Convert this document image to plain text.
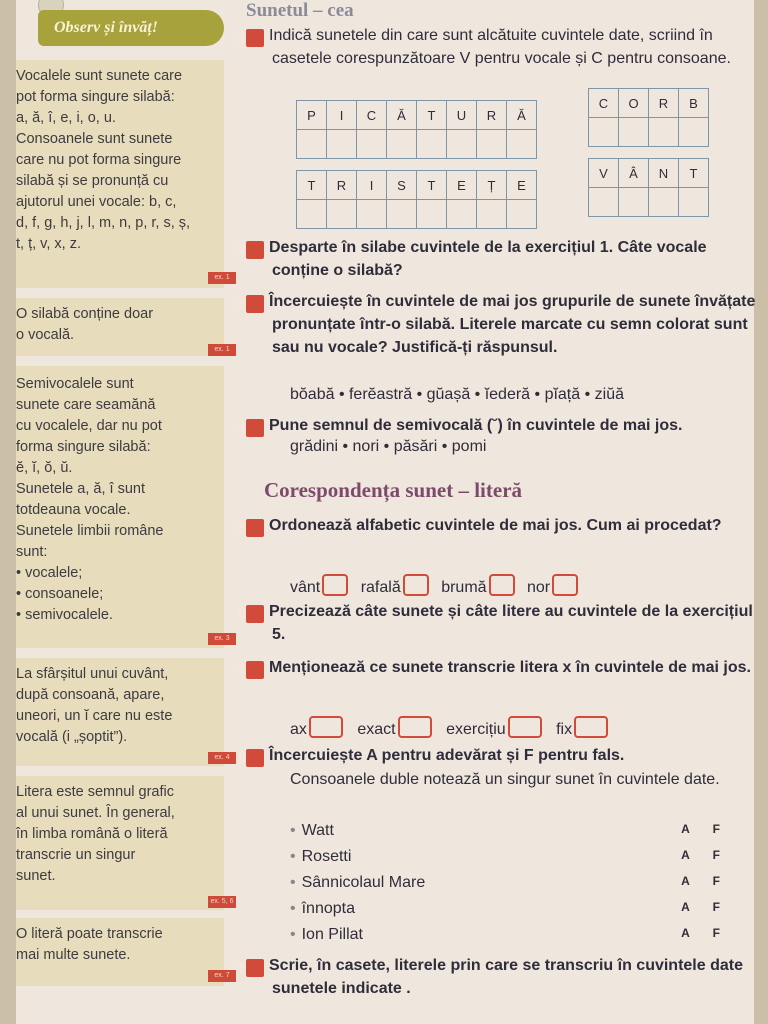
Observ și învăț!
Vocalele sunt sunete care
pot forma singure silabă:
a, ă, î, e, i, o, u.
Consoanele sunt sunete
care nu pot forma singure
silabă și se pronunță cu
ajutorul unei vocale: b, c,
d, f, g, h, j, l, m, n, p, r, s, ș,
t, ț, v, x, z.
ex. 1
O silabă conține doar
o vocală.
ex. 1
Semivocalele sunt
sunete care seamănă
cu vocalele, dar nu pot
forma singure silabă:
ĕ, ĭ, ŏ, ŭ.
Sunetele a, ă, î sunt
totdeauna vocale.
Sunetele limbii române
sunt:
• vocalele;
• consoanele;
• semivocalele.
ex. 3
La sfârșitul unui cuvânt,
după consoană, apare,
uneori, un ĭ care nu este
vocală (i „șoptit”).
ex. 4
Litera este semnul grafic
al unui sunet. În general,
în limba română o literă
transcrie un singur
sunet.
ex. 5, 6
O literă poate transcrie
mai multe sunete.
ex. 7
Sunetul – cea

1 Indică sunetele din care sunt alcătuite cuvintele date, scriind în casetele corespunzătoare V pentru vocale și C pentru consoane.

P	I	C	Ă	T	U	R	Ă

C	O	R	B

T	R	I	S	T	E	Ț	E

V	Â	N	T

2 Desparte în silabe cuvintele de la exercițiul 1. Câte vocale conține o silabă?

3 Încercuiește în cuvintele de mai jos grupurile de sunete învățate pronunțate într-o silabă. Literele marcate cu semn colorat sunt sau nu vocale? Justifică-ți răspunsul.

bŏabă • ferĕastră • gŭașă • ĭederă • pĭață • ziŭă

4 Pune semnul de semivocală (˘) în cuvintele de mai jos.

grădini • nori • păsări • pomi
Corespondența sunet – literă

5 Ordonează alfabetic cuvintele de mai jos. Cum ai procedat?

vânt	rafală	brumă	nor

6 Precizează câte sunete și câte litere au cuvintele de la exercițiul 5.

7 Menționează ce sunete transcrie litera x în cuvintele de mai jos.

ax	exact	exercițiu	fix

8 Încercuiește A pentru adevărat și F pentru fals.

Consoanele duble notează un singur sunet în cuvintele date.
• Watt	A F
• Rosetti	A F
• Sânnicolaul Mare	A F
• înnopta	A F
• Ion Pillat	A F

9 Scrie, în casete, literele prin care se transcriu în cuvintele date sunetele indicate .
